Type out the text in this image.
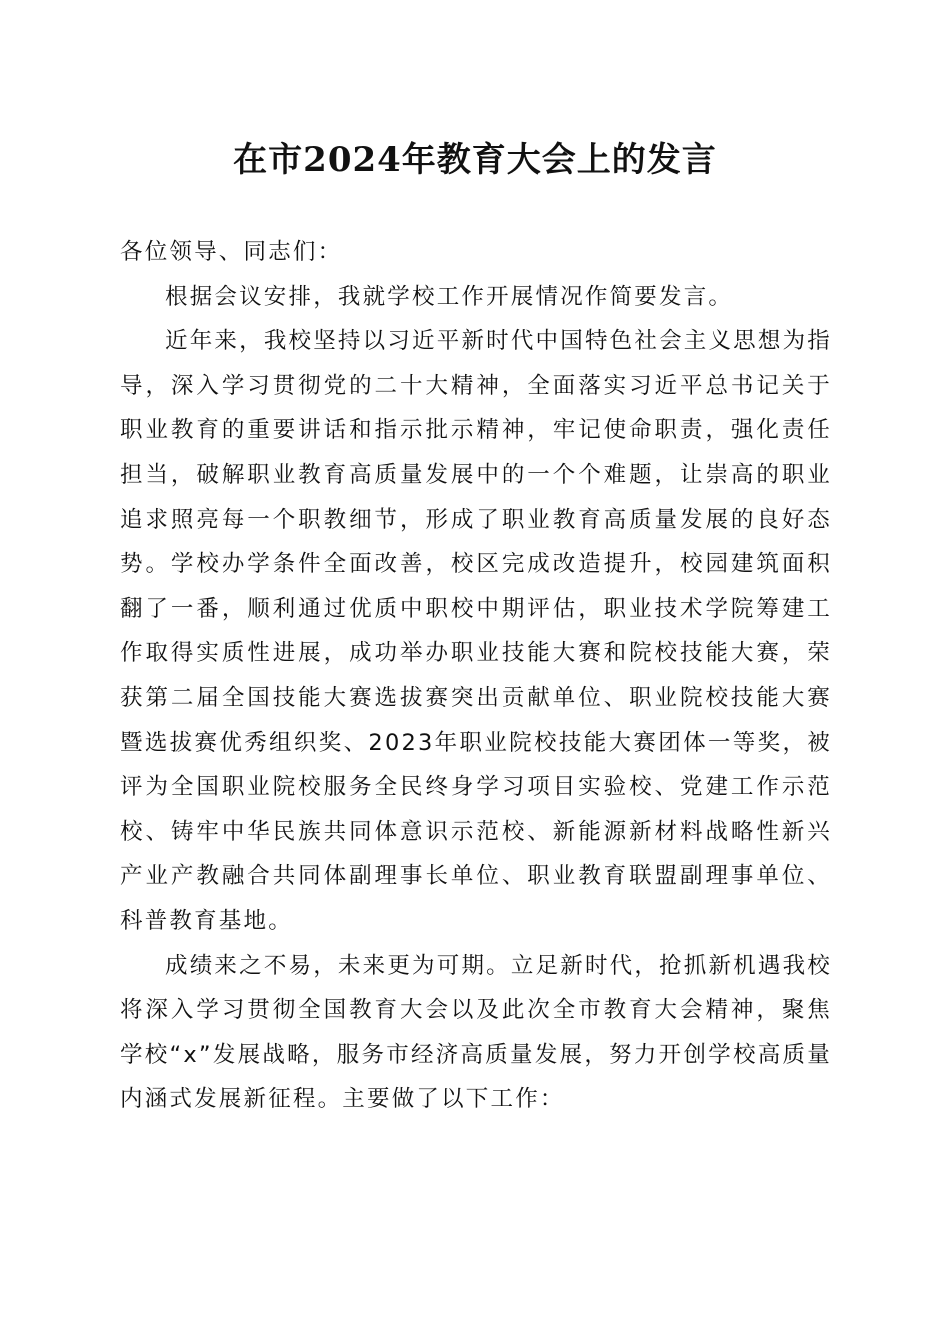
在市2024年教育大会上的发言

各位领导、同志们：

根据会议安排，我就学校工作开展情况作简要发言。

近年来，我校坚持以习近平新时代中国特色社会主义思想为指导，深入学习贯彻党的二十大精神，全面落实习近平总书记关于职业教育的重要讲话和指示批示精神，牢记使命职责，强化责任担当，破解职业教育高质量发展中的一个个难题，让崇高的职业追求照亮每一个职教细节，形成了职业教育高质量发展的良好态势。学校办学条件全面改善，校区完成改造提升，校园建筑面积翻了一番，顺利通过优质中职校中期评估，职业技术学院筹建工作取得实质性进展，成功举办职业技能大赛和院校技能大赛，荣获第二届全国技能大赛选拔赛突出贡献单位、职业院校技能大赛暨选拔赛优秀组织奖、2023年职业院校技能大赛团体一等奖，被评为全国职业院校服务全民终身学习项目实验校、党建工作示范校、铸牢中华民族共同体意识示范校、新能源新材料战略性新兴产业产教融合共同体副理事长单位、职业教育联盟副理事单位、科普教育基地。

成绩来之不易，未来更为可期。立足新时代，抢抓新机遇我校将深入学习贯彻全国教育大会以及此次全市教育大会精神，聚焦学校“x”发展战略，服务市经济高质量发展，努力开创学校高质量内涵式发展新征程。主要做了以下工作：
